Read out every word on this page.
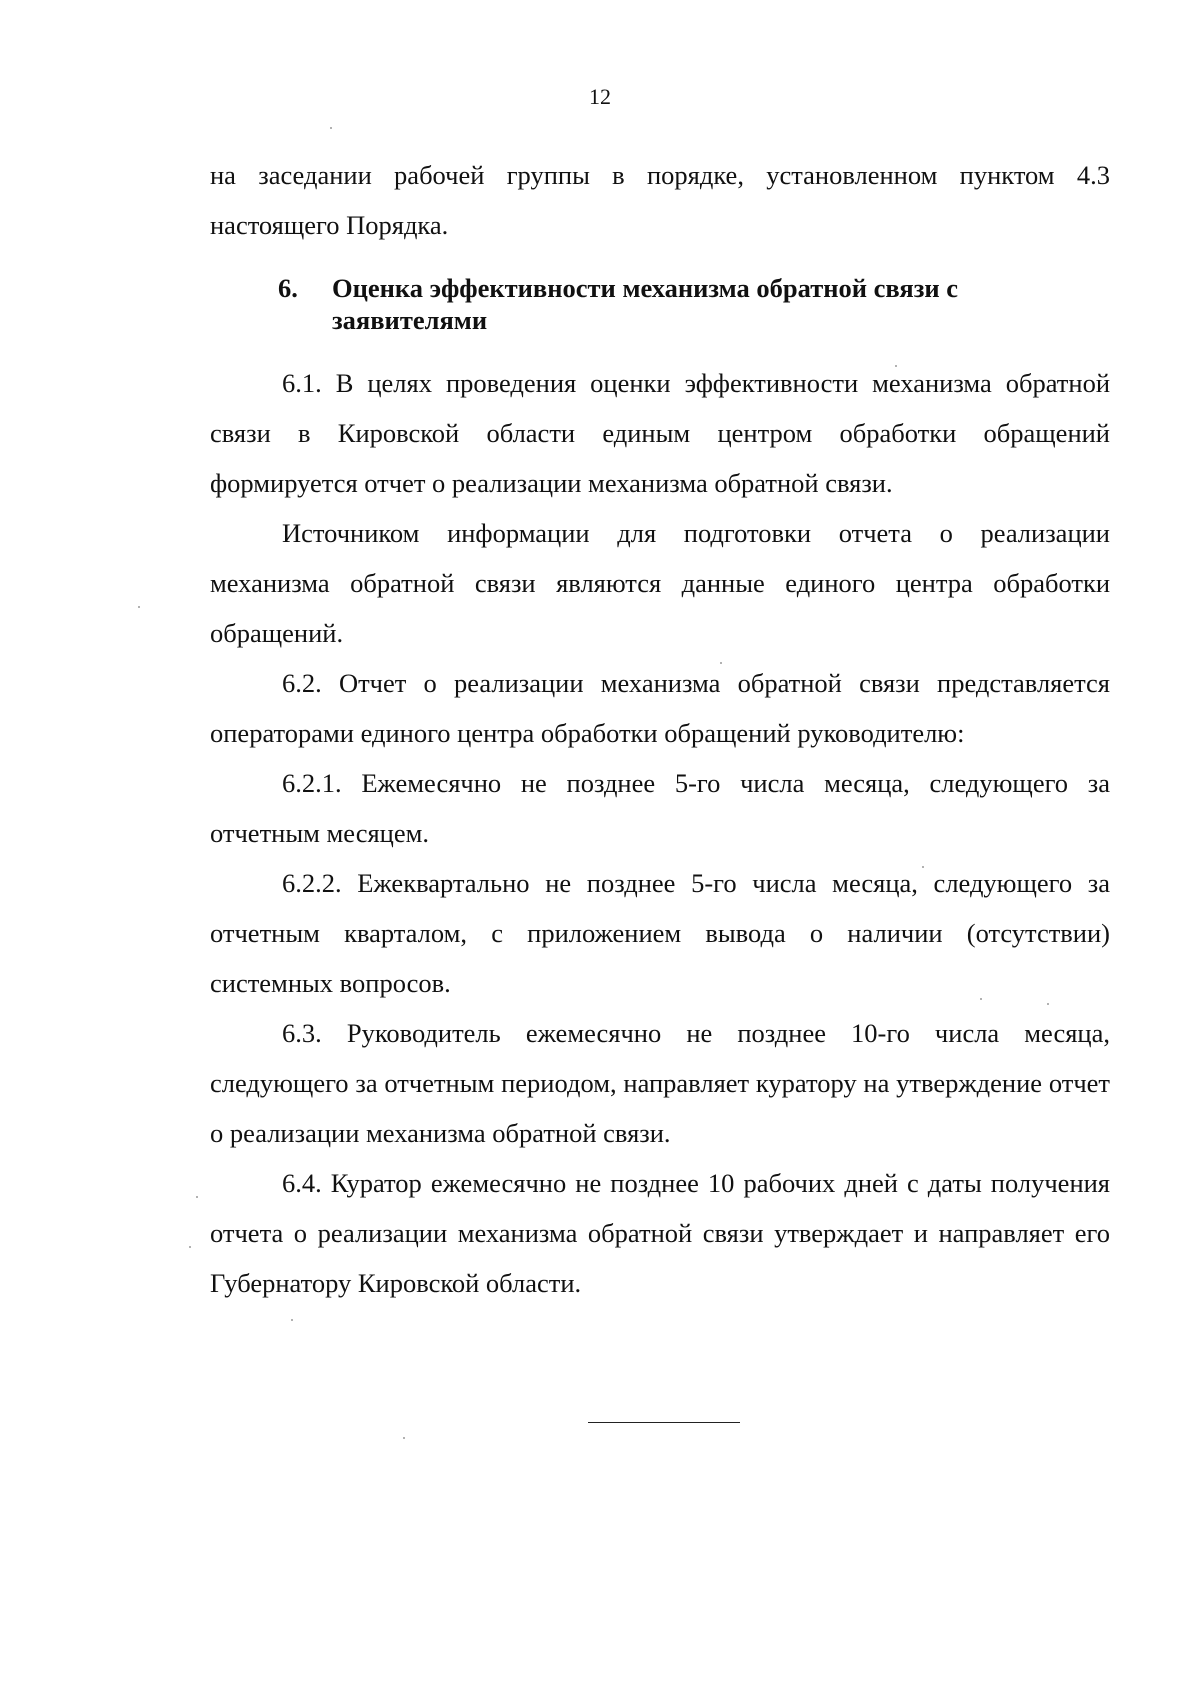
12

на заседании рабочей группы в порядке, установленном пунктом 4.3 настоящего Порядка.

6. Оценка эффективности механизма обратной связи с
заявителями

6.1. В целях проведения оценки эффективности механизма обратной связи в Кировской области единым центром обработки обращений формируется отчет о реализации механизма обратной связи.

Источником информации для подготовки отчета о реализации механизма обратной связи являются данные единого центра обработки обращений.

6.2. Отчет о реализации механизма обратной связи представляется операторами единого центра обработки обращений руководителю:

6.2.1. Ежемесячно не позднее 5-го числа месяца, следующего за отчетным месяцем.

6.2.2. Ежеквартально не позднее 5-го числа месяца, следующего за отчетным кварталом, с приложением вывода о наличии (отсутствии) системных вопросов.

6.3. Руководитель ежемесячно не позднее 10-го числа месяца, следующего за отчетным периодом, направляет куратору на утверждение отчет о реализации механизма обратной связи.

6.4. Куратор ежемесячно не позднее 10 рабочих дней с даты получения отчета о реализации механизма обратной связи утверждает и направляет его Губернатору Кировской области.
